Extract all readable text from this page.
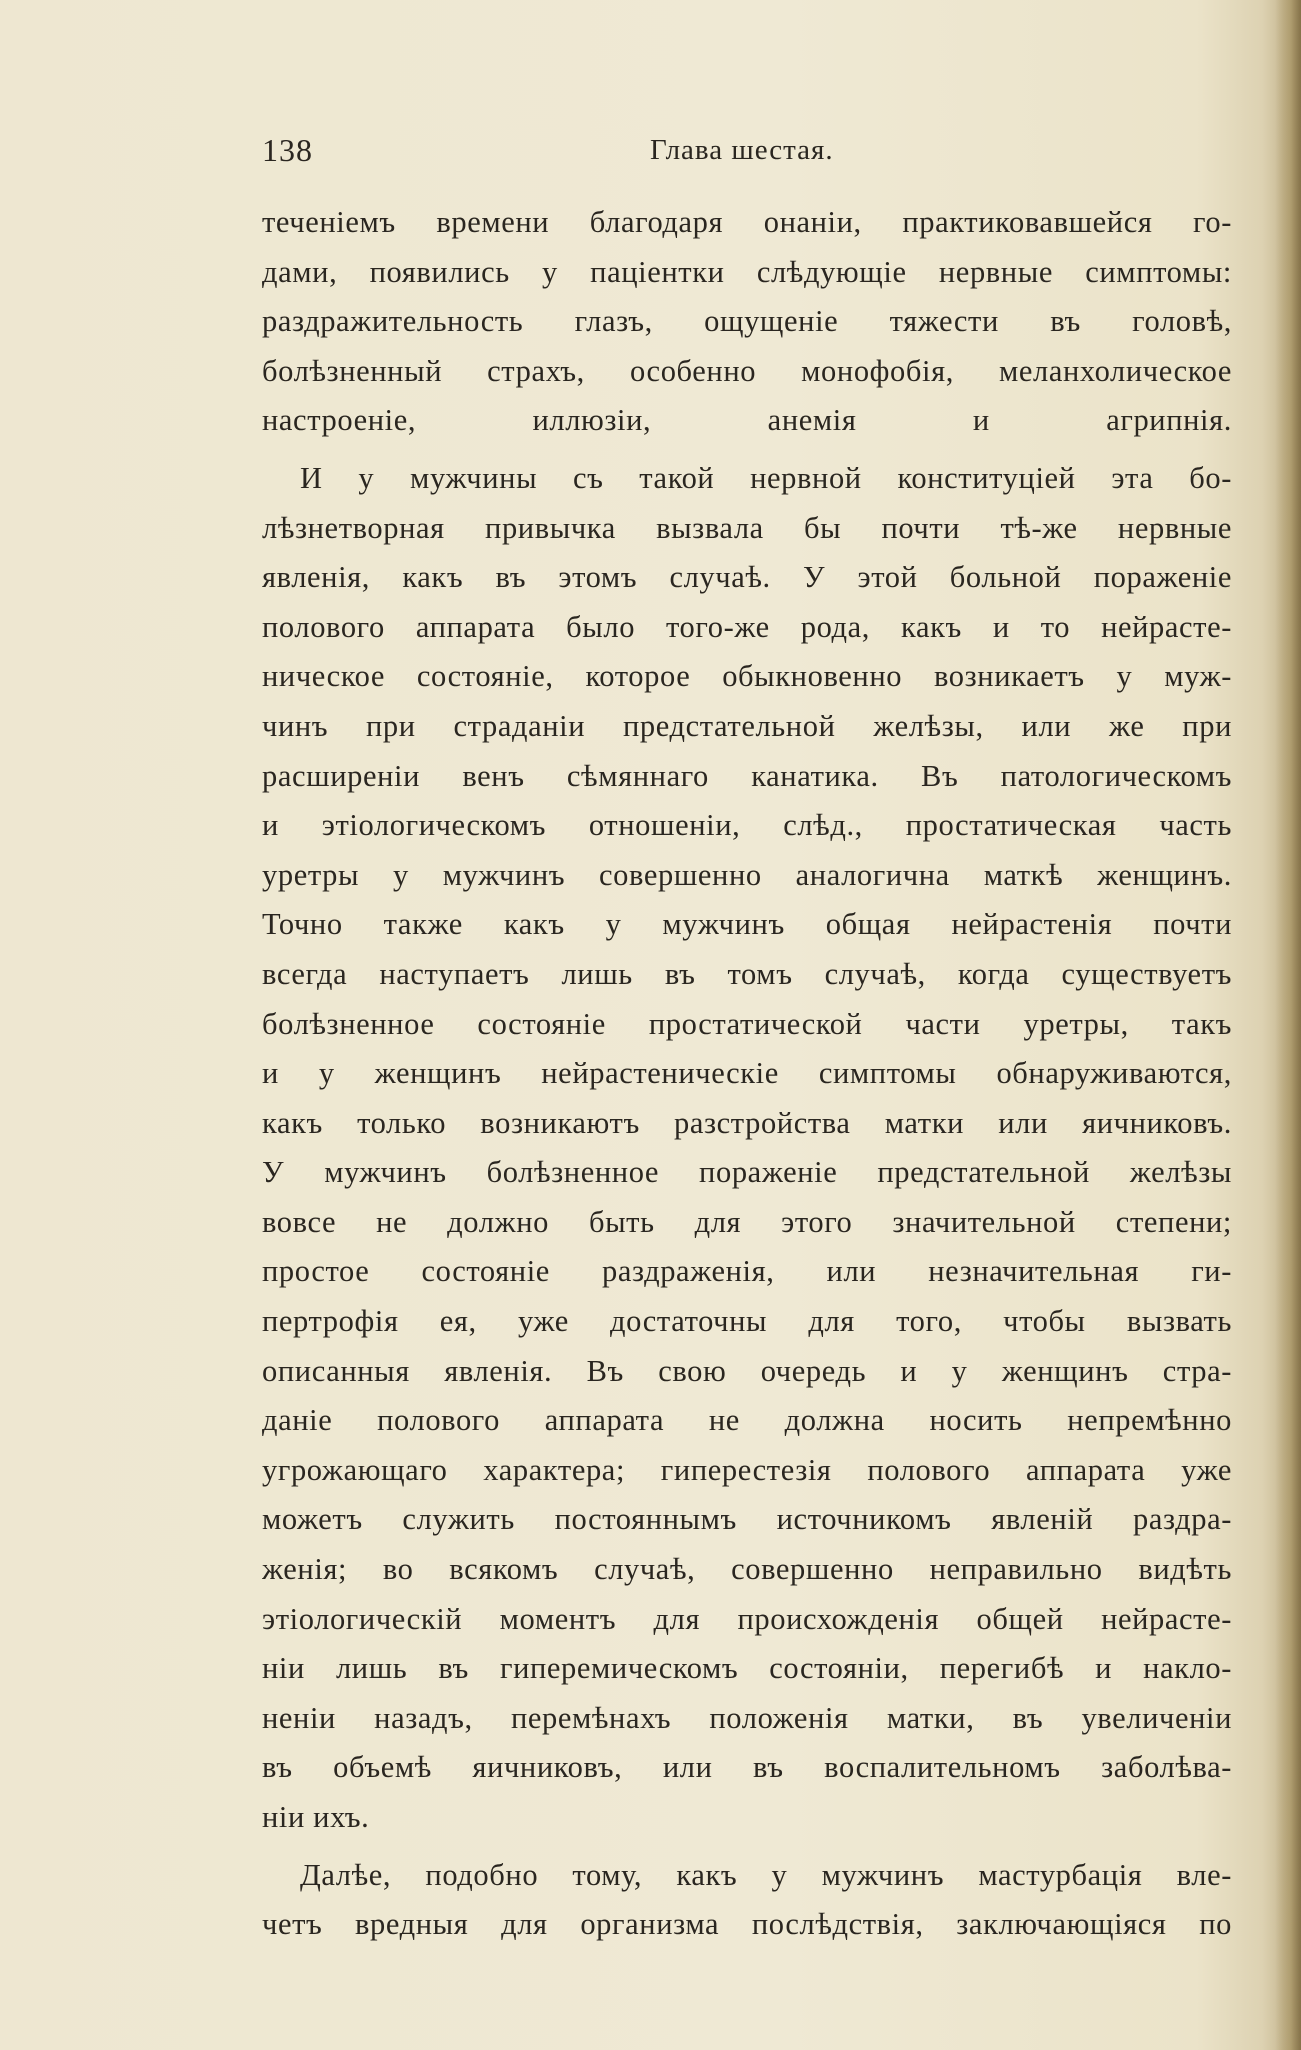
138	Глава шестая.
теченіемъ времени благодаря онаніи, практиковавшейся го-
дами, появились у паціентки слѣдующіе нервные симптомы:
раздражительность глазъ, ощущеніе тяжести въ головѣ,
болѣзненный страхъ, особенно монофобія, меланхолическое
настроеніе, иллюзіи, анемія и агрипнія.
И у мужчины съ такой нервной конституціей эта бо-
лѣзнетворная привычка вызвала бы почти тѣ-же нервные
явленія, какъ въ этомъ случаѣ. У этой больной пораженіе
полового аппарата было того-же рода, какъ и то нейрасте-
ническое состояніе, которое обыкновенно возникаетъ у муж-
чинъ при страданіи предстательной желѣзы, или же при
расширеніи венъ сѣмяннаго канатика. Въ патологическомъ
и этіологическомъ отношеніи, слѣд., простатическая часть
уретры у мужчинъ совершенно аналогична маткѣ женщинъ.
Точно также какъ у мужчинъ общая нейрастенія почти
всегда наступаетъ лишь въ томъ случаѣ, когда существуетъ
болѣзненное состояніе простатической части уретры, такъ
и у женщинъ нейрастеническіе симптомы обнаруживаются,
какъ только возникаютъ разстройства матки или яичниковъ.
У мужчинъ болѣзненное пораженіе предстательной желѣзы
вовсе не должно быть для этого значительной степени;
простое состояніе раздраженія, или незначительная ги-
пертрофія ея, уже достаточны для того, чтобы вызвать
описанныя явленія. Въ свою очередь и у женщинъ стра-
даніе полового аппарата не должна носить непремѣнно
угрожающаго характера; гиперестезія полового аппарата уже
можетъ служить постояннымъ источникомъ явленій раздра-
женія; во всякомъ случаѣ, совершенно неправильно видѣть
этіологическій моментъ для происхожденія общей нейрасте-
ніи лишь въ гиперемическомъ состояніи, перегибѣ и накло-
неніи назадъ, перемѣнахъ положенія матки, въ увеличеніи
въ объемѣ яичниковъ, или въ воспалительномъ заболѣва-
ніи ихъ.
Далѣе, подобно тому, какъ у мужчинъ мастурбація вле-
четъ вредныя для организма послѣдствія, заключающіяся по
